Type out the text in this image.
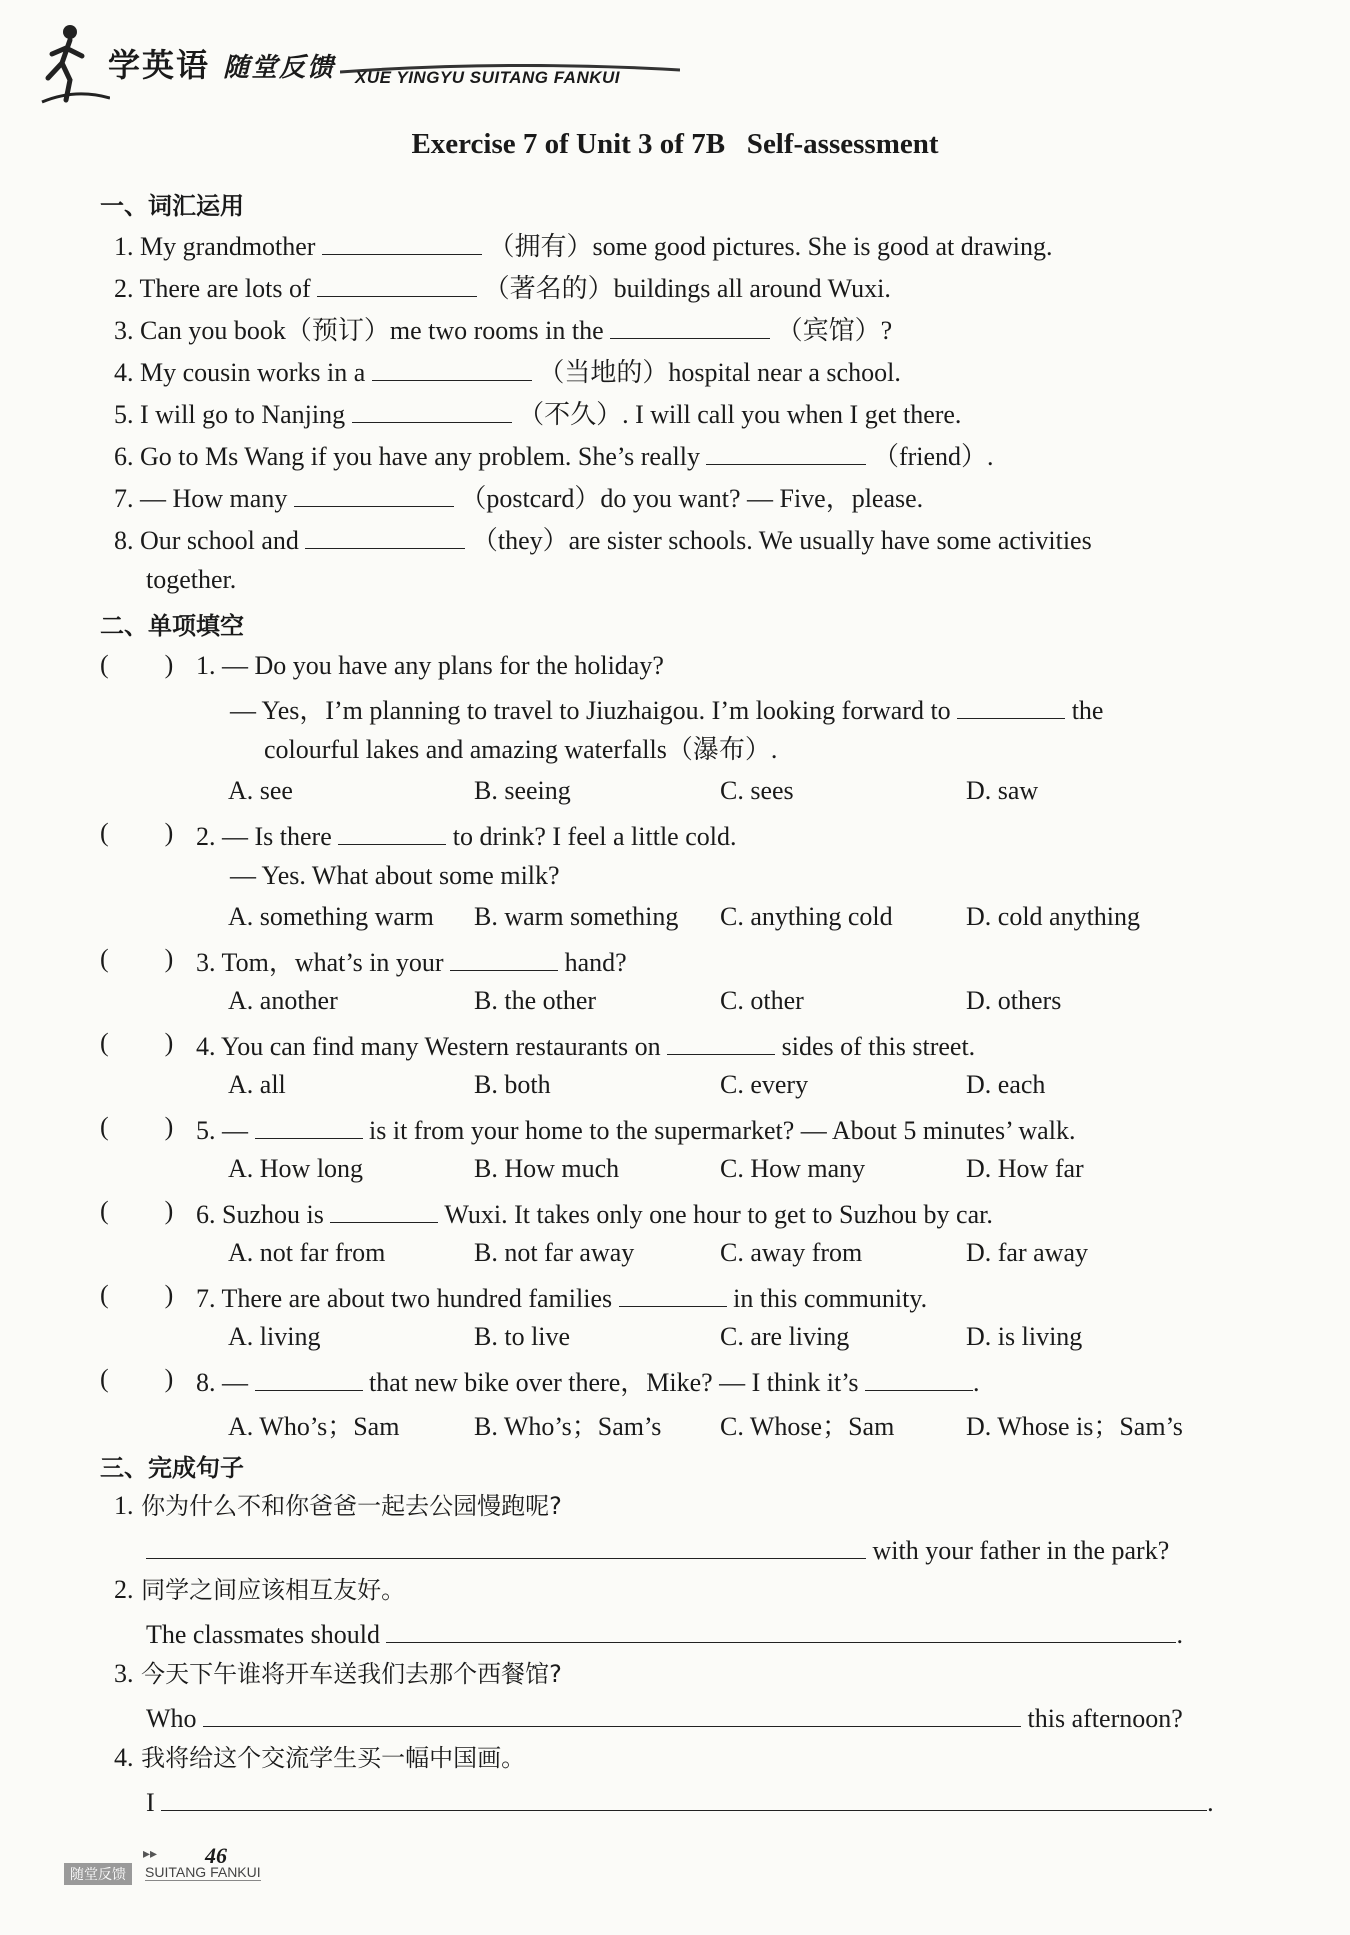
学英语 随堂反馈 XUE YINGYU SUITANG FANKUI
Exercise 7 of Unit 3 of 7B   Self-assessment
一、词汇运用
1. My grandmother	（拥有）some good pictures. She is good at drawing.
2. There are lots of	（著名的）buildings all around Wuxi.
3. Can you book（预订）me two rooms in the	（宾馆）?
4. My cousin works in a	（当地的）hospital near a school.
5. I will go to Nanjing	（不久）. I will call you when I get there.
6. Go to Ms Wang if you have any problem. She’s really	（friend）.
7. — How many	（postcard）do you want? — Five，please.
8. Our school and	（they）are sister schools. We usually have some activities
together.
二、单项填空
( ) 1. — Do you have any plans for the holiday?
— Yes，I’m planning to travel to Jiuzhaigou. I’m looking forward to	the
colourful lakes and amazing waterfalls（瀑布）.
A. see	B. seeing	C. sees	D. saw
( ) 2. — Is there	to drink? I feel a little cold.
— Yes. What about some milk?
A. something warm B. warm something C. anything cold	D. cold anything
( ) 3. Tom，what’s in your	hand?
A. another	B. the other	C. other	D. others
( ) 4. You can find many Western restaurants on	sides of this street.
A. all	B. both	C. every	D. each
( ) 5. —	is it from your home to the supermarket? — About 5 minutes’ walk.
A. How long	B. How much	C. How many	D. How far
( ) 6. Suzhou is	Wuxi. It takes only one hour to get to Suzhou by car.
A. not far from	B. not far away	C. away from	D. far away
( ) 7. There are about two hundred families	in this community.
A. living	B. to live	C. are living	D. is living
( ) 8. —	that new bike over there，Mike? — I think it’s	.
A. Who’s；Sam	B. Who’s；Sam’s C. Whose；Sam	D. Whose is；Sam’s
三、完成句子
1. 你为什么不和你爸爸一起去公园慢跑呢?
with your father in the park?
2. 同学之间应该相互友好。
The classmates should	.
3. 今天下午谁将开车送我们去那个西餐馆?
Who	this afternoon?
4. 我将给这个交流学生买一幅中国画。
I	.
▸▸ 46
随堂反馈	SUITANG FANKUI
